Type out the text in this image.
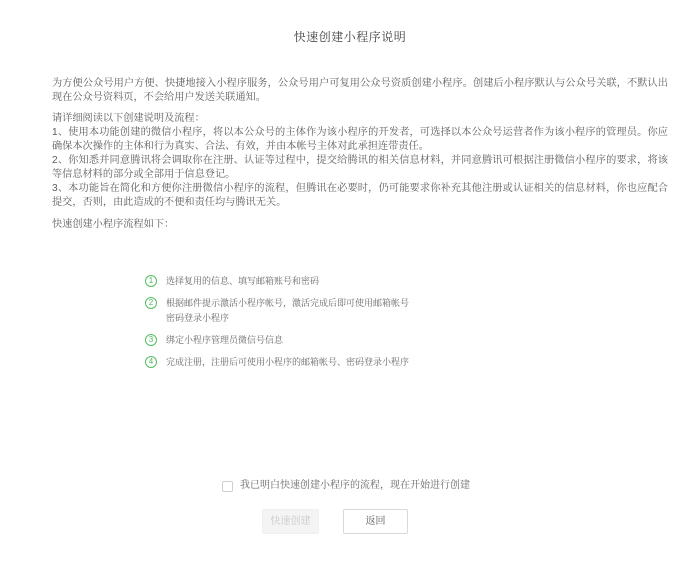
快速创建小程序说明

为方便公众号用户方便、快捷地接入小程序服务，公众号用户可复用公众号资质创建小程序。创建后小程序默认与公众号关联，不默认出现在公众号资料页，不会给用户发送关联通知。

请详细阅读以下创建说明及流程：

1、使用本功能创建的微信小程序，将以本公众号的主体作为该小程序的开发者，可选择以本公众号运营者作为该小程序的管理员。你应确保本次操作的主体和行为真实、合法、有效，并由本帐号主体对此承担连带责任。

2、你知悉并同意腾讯将会调取你在注册、认证等过程中，提交给腾讯的相关信息材料，并同意腾讯可根据注册微信小程序的要求，将该等信息材料的部分或全部用于信息登记。

3、本功能旨在简化和方便你注册微信小程序的流程，但腾讯在必要时，仍可能要求你补充其他注册或认证相关的信息材料，你也应配合提交，否则，由此造成的不便和责任均与腾讯无关。

快速创建小程序流程如下：

1	选择复用的信息、填写邮箱账号和密码
2	根据邮件提示激活小程序帐号，激活完成后即可使用邮箱帐号密码登录小程序
3	绑定小程序管理员微信号信息
4	完成注册，注册后可使用小程序的邮箱帐号、密码登录小程序
我已明白快速创建小程序的流程，现在开始进行创建
快速创建	返回
